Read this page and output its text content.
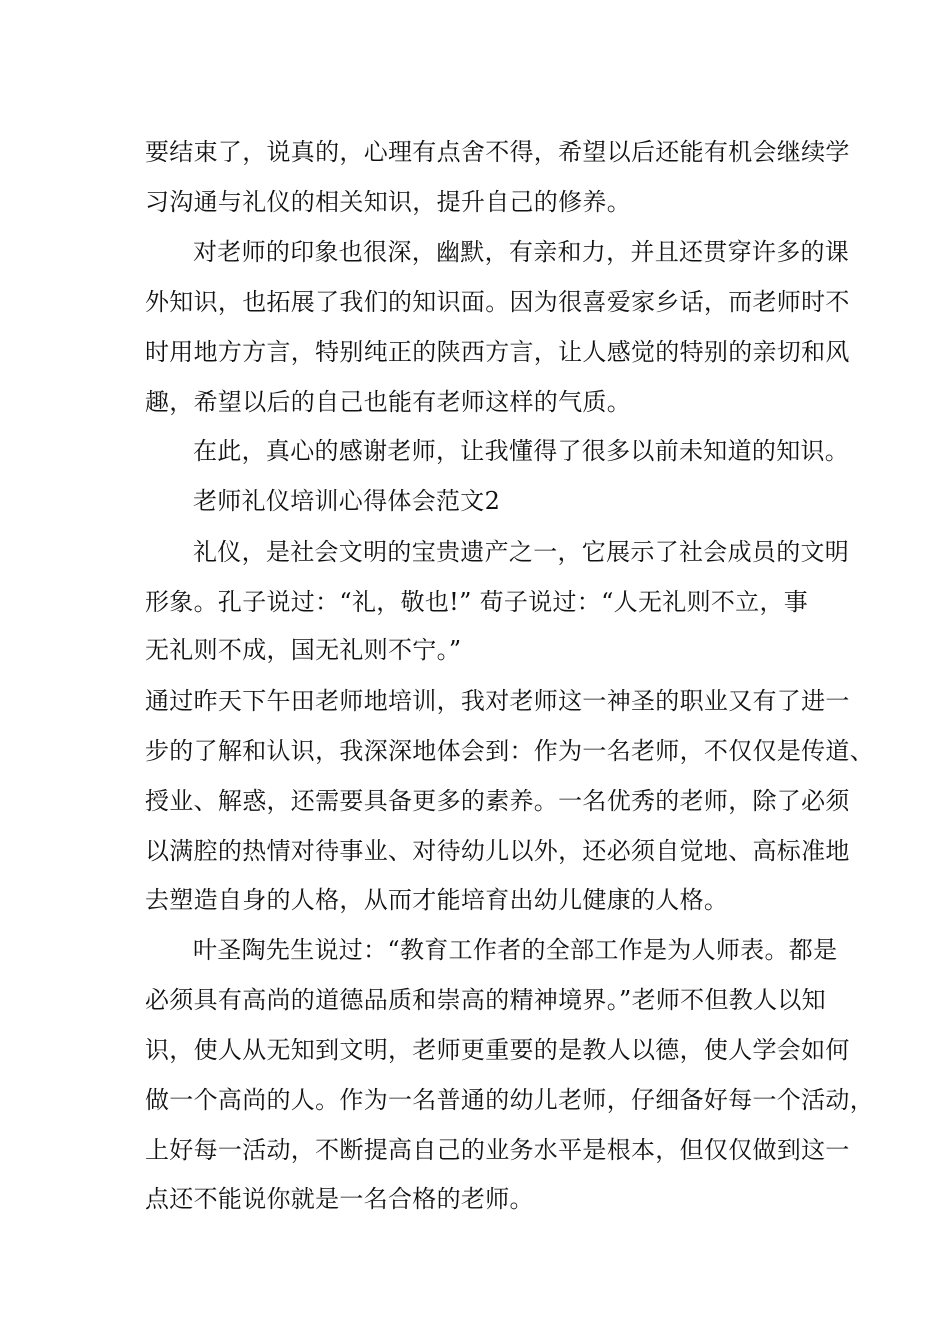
要结束了，说真的，心理有点舍不得，希望以后还能有机会继续学
习沟通与礼仪的相关知识，提升自己的修养。
对老师的印象也很深，幽默，有亲和力，并且还贯穿许多的课
外知识，也拓展了我们的知识面。因为很喜爱家乡话，而老师时不
时用地方方言，特别纯正的陕西方言，让人感觉的特别的亲切和风
趣，希望以后的自己也能有老师这样的气质。
在此，真心的感谢老师，让我懂得了很多以前未知道的知识。
老师礼仪培训心得体会范文2
礼仪，是社会文明的宝贵遗产之一，它展示了社会成员的文明
形象。孔子说过：“礼，敬也!” 荀子说过：“人无礼则不立，事
无礼则不成，国无礼则不宁。”
通过昨天下午田老师地培训，我对老师这一神圣的职业又有了进一
步的了解和认识，我深深地体会到：作为一名老师，不仅仅是传道、
授业、解惑，还需要具备更多的素养。一名优秀的老师，除了必须
以满腔的热情对待事业、对待幼儿以外，还必须自觉地、高标准地
去塑造自身的人格，从而才能培育出幼儿健康的人格。
叶圣陶先生说过：“教育工作者的全部工作是为人师表。都是
必须具有高尚的道德品质和崇高的精神境界。”老师不但教人以知
识，使人从无知到文明，老师更重要的是教人以德，使人学会如何
做一个高尚的人。作为一名普通的幼儿老师，仔细备好每一个活动，
上好每一活动，不断提高自己的业务水平是根本，但仅仅做到这一
点还不能说你就是一名合格的老师。
